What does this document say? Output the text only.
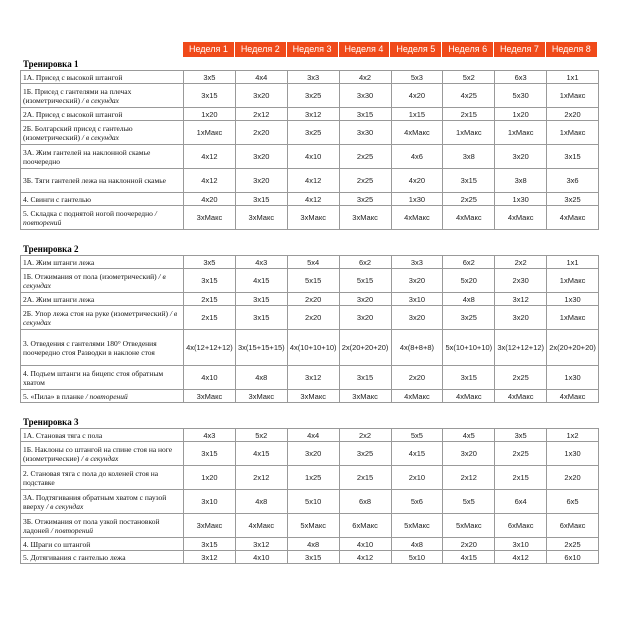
Неделя 1	Неделя 2	Неделя 3	Неделя 4	Неделя 5	Неделя 6	Неделя 7	Неделя 8
Тренировка 1
1А. Присед с высокой штангой	3x5	4x4	3x3	4x2	5x3	5x2	6x3	1x1
1Б. Присед с гантелями на плечах (изометрический) / в секундах	3x15	3x20	3x25	3x30	4x20	4x25	5x30	1xМакс
2А. Присед с высокой штангой	1x20	2x12	3x12	3x15	1x15	2x15	1x20	2x20
2Б. Болгарский присед с гантелью (изометрический) / в секундах	1xМакс	2x20	3x25	3x30	4xМакс	1xМакс	1xМакс	1xМакс
3А. Жим гантелей на наклонной скамье поочередно	4x12	3x20	4x10	2x25	4x6	3x8	3x20	3x15
3Б. Тяги гантелей лежа на наклонной скамье	4x12	3x20	4x12	2x25	4x20	3x15	3x8	3x6
4. Свинги с гантелью	4x20	3x15	4x12	3x25	1x30	2x25	1x30	3x25
5. Складка с поднятой ногой поочередно / повторений	3xМакс	3xМакс	3xМакс	3xМакс	4xМакс	4xМакс	4xМакс	4xМакс
Тренировка 2
1А. Жим штанги лежа	3x5	4x3	5x4	6x2	3x3	6x2	2x2	1x1
1Б. Отжимания от пола (изометрический) / в секундах	3x15	4x15	5x15	5x15	3x20	5x20	2x30	1xМакс
2А. Жим штанги лежа	2x15	3x15	2x20	3x20	3x10	4x8	3x12	1x30
2Б. Упор лежа стоя на руке (изометрический) / в секундах	2x15	3x15	2x20	3x20	3x20	3x25	3x20	1xМакс
3. Отведения с гантелями 180° Отведения поочередно стоя Разводки в наклоне стоя	4x(12+12+12)	3x(15+15+15)	4x(10+10+10)	2x(20+20+20)	4x(8+8+8)	5x(10+10+10)	3x(12+12+12)	2x(20+20+20)
4. Подъем штанги на бицепс стоя обратным хватом	4x10	4x8	3x12	3x15	2x20	3x15	2x25	1x30
5. «Пила» в планке / повторений	3xМакс	3xМакс	3xМакс	3xМакс	4xМакс	4xМакс	4xМакс	4xМакс
Тренировка 3
1А. Становая тяга с пола	4x3	5x2	4x4	2x2	5x5	4x5	3x5	1x2
1Б. Наклоны со штангой на спине стоя на ноге (изометрические) / в секундах	3x15	4x15	3x20	3x25	4x15	3x20	2x25	1x30
2. Становая тяга с пола до коленей стоя на подставке	1x20	2x12	1x25	2x15	2x10	2x12	2x15	2x20
3А. Подтягивания обратным хватом с паузой вверху / в секундах	3x10	4x8	5x10	6x8	5x6	5x5	6x4	6x5
3Б. Отжимания от пола узкой постановкой ладоней / повторений	3xМакс	4xМакс	5xМакс	6xМакс	5xМакс	5xМакс	6xМакс	6xМакс
4. Шраги со штангой	3x15	3x12	4x8	4x10	4x8	2x20	3x10	2x25
5. Дотягивания с гантелью лежа	3x12	4x10	3x15	4x12	5x10	4x15	4x12	6x10
